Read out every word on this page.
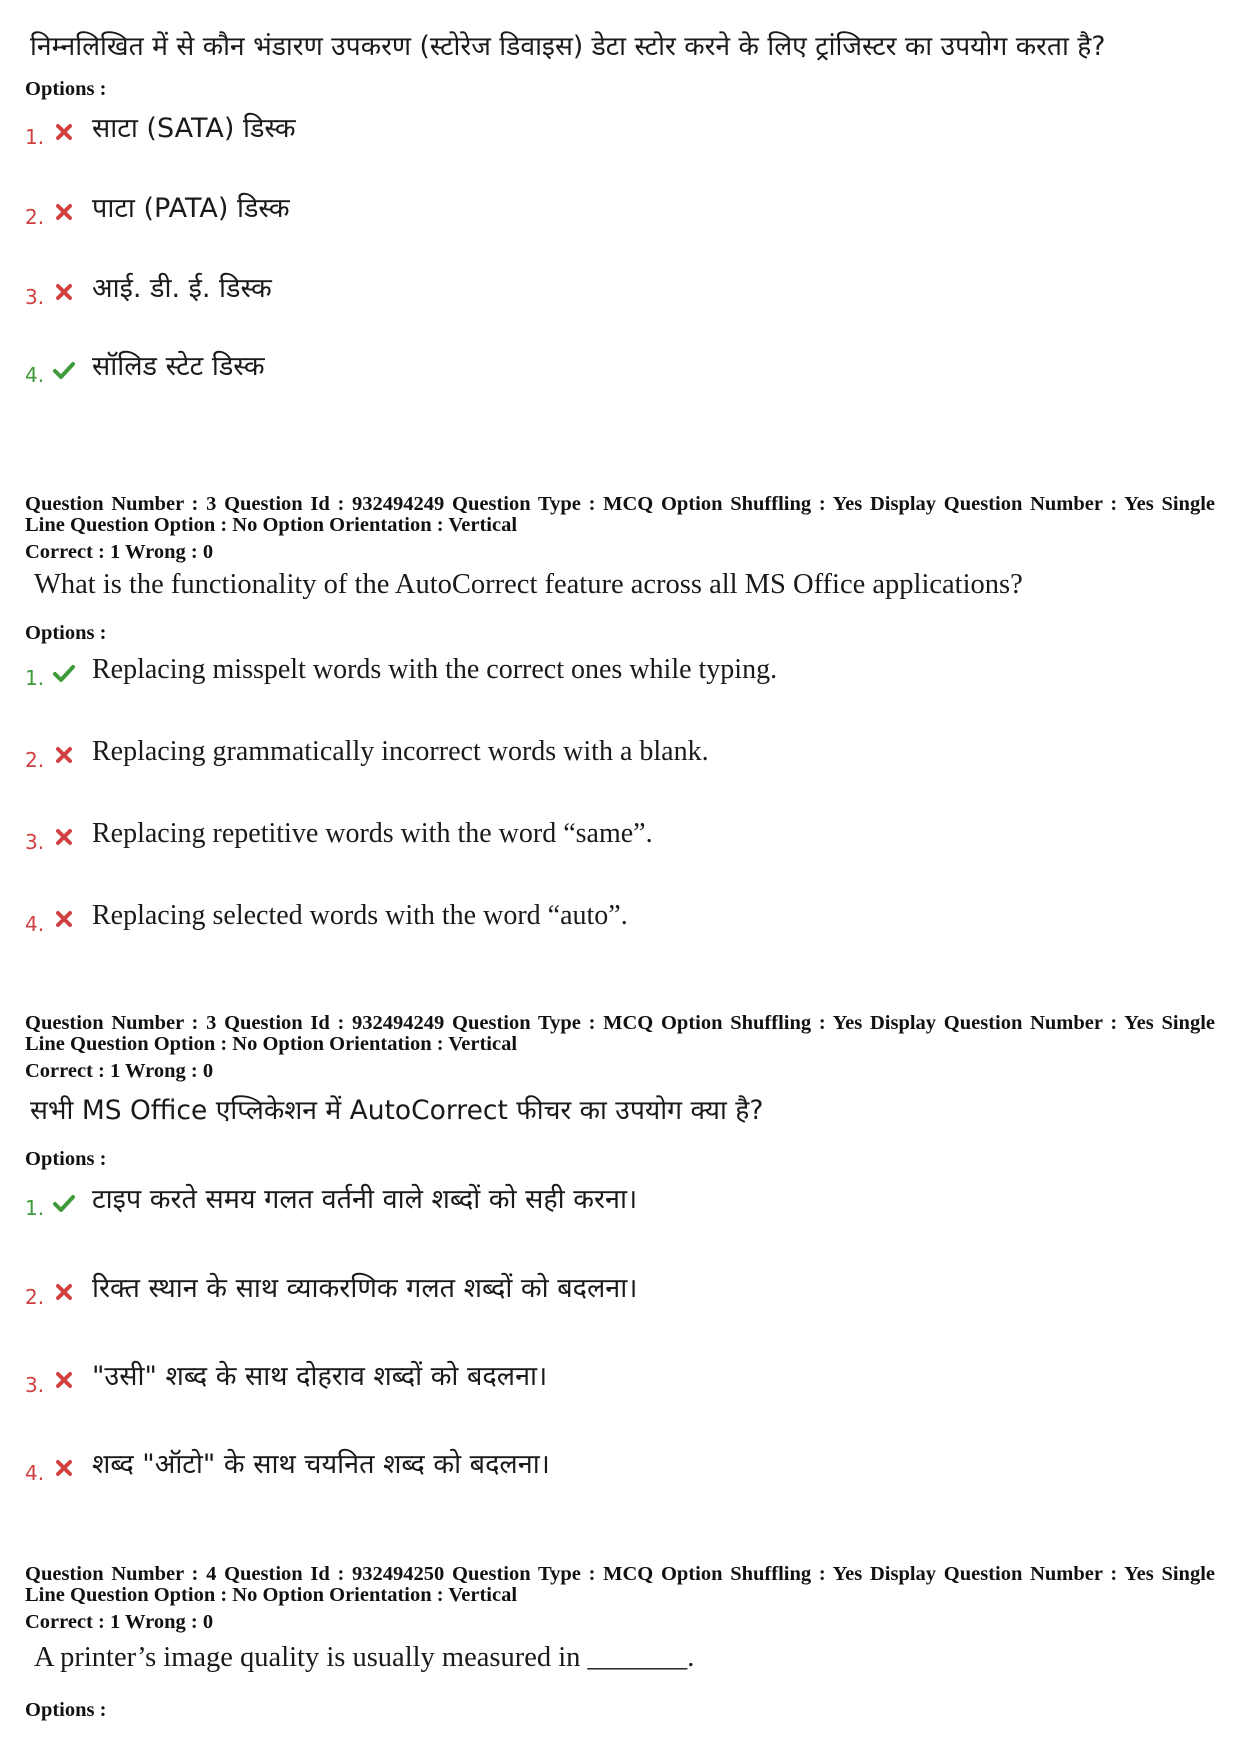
निम्नलिखित में से कौन भंडारण उपकरण (स्टोरेज डिवाइस) डेटा स्टोर करने के लिए ट्रांजिस्टर का उपयोग करता है?
Options :
1. साटा (SATA) डिस्क
2. पाटा (PATA) डिस्क
3. आई. डी. ई. डिस्क
4. सॉलिड स्टेट डिस्क
Question Number : 3 Question Id : 932494249 Question Type : MCQ Option Shuffling : Yes Display Question Number : Yes Single
Line Question Option : No Option Orientation : Vertical
Correct : 1 Wrong : 0
What is the functionality of the AutoCorrect feature across all MS Office applications?
Options :
1. Replacing misspelt words with the correct ones while typing.
2. Replacing grammatically incorrect words with a blank.
3. Replacing repetitive words with the word “same”.
4. Replacing selected words with the word “auto”.
Question Number : 3 Question Id : 932494249 Question Type : MCQ Option Shuffling : Yes Display Question Number : Yes Single
Line Question Option : No Option Orientation : Vertical
Correct : 1 Wrong : 0
सभी MS Office एप्लिकेशन में AutoCorrect फीचर का उपयोग क्या है?
Options :
1. टाइप करते समय गलत वर्तनी वाले शब्दों को सही करना।
2. रिक्त स्थान के साथ व्याकरणिक गलत शब्दों को बदलना।
3. "उसी" शब्द के साथ दोहराव शब्दों को बदलना।
4. शब्द "ऑटो" के साथ चयनित शब्द को बदलना।
Question Number : 4 Question Id : 932494250 Question Type : MCQ Option Shuffling : Yes Display Question Number : Yes Single
Line Question Option : No Option Orientation : Vertical
Correct : 1 Wrong : 0
A printer’s image quality is usually measured in _______.
Options :
